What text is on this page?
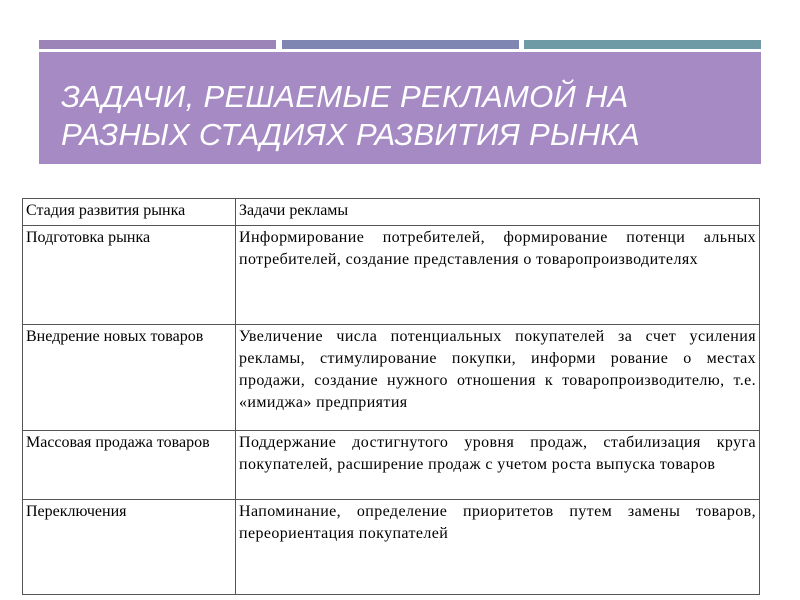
ЗАДАЧИ, РЕШАЕМЫЕ РЕКЛАМОЙ НА
РАЗНЫХ СТАДИЯХ РАЗВИТИЯ РЫНКА
Стадия развития рынка	Задачи рекламы
Подготовка рынка	Информирование потребителей, формирование потенци альных потребителей, создание представления о товаропроизводителях
Внедрение новых товаров	Увеличение числа потенциальных покупателей за счет усиления рекламы, стимулирование покупки, информи рование о местах продажи, создание нужного отношения к товаропроизводителю, т.е. «имиджа» предприятия
Массовая продажа товаров	Поддержание достигнутого уровня продаж, стабилизация круга покупателей, расширение продаж с учетом роста выпуска товаров
Переключения	Напоминание, определение приоритетов путем замены товаров, переориентация покупателей
